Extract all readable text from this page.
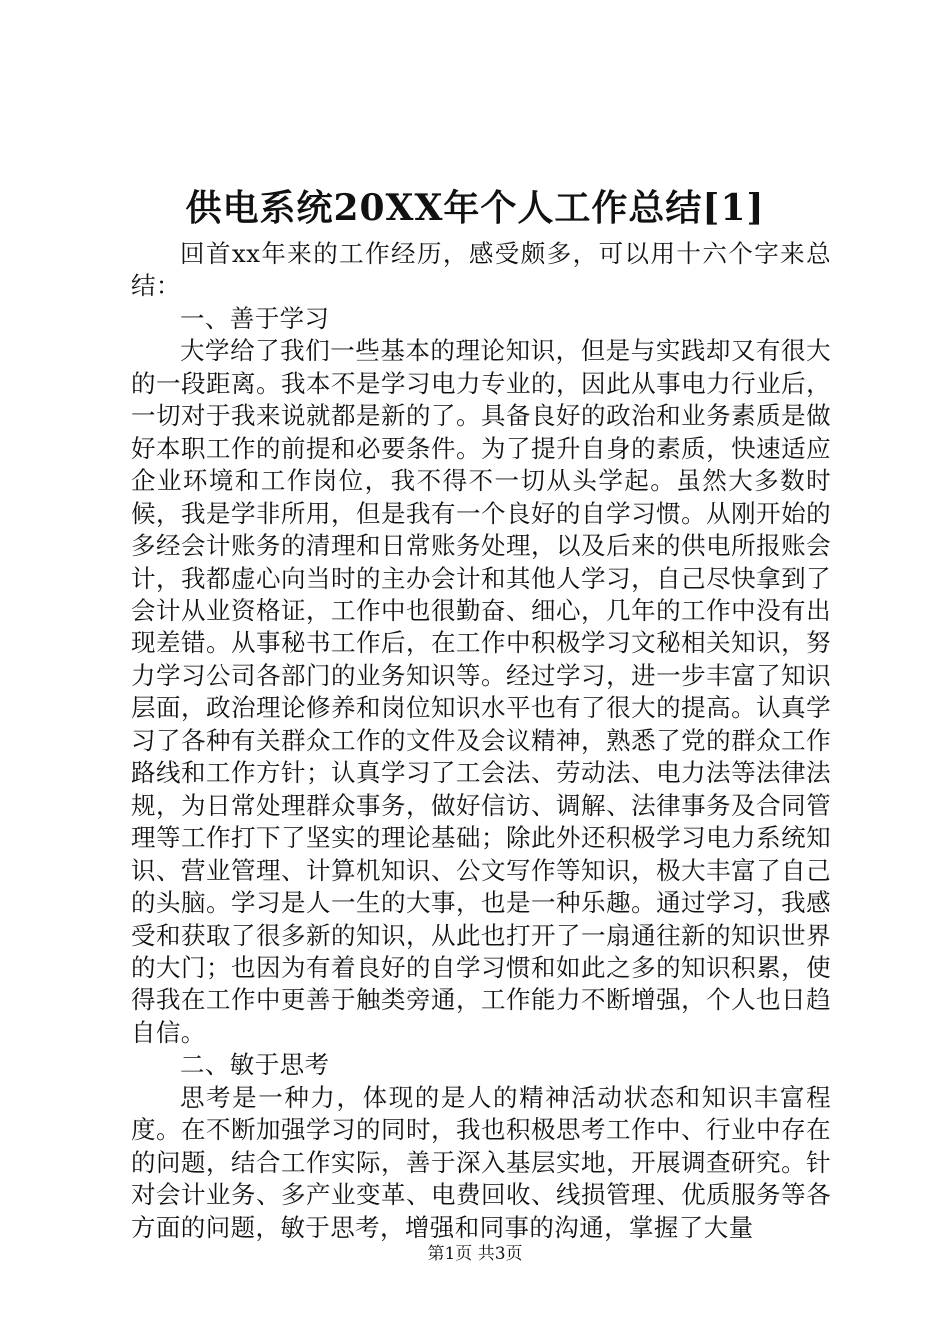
供电系统20XX年个人工作总结[1]

回首xx年来的工作经历，感受颇多，可以用十六个字来总结：

一、善于学习

大学给了我们一些基本的理论知识，但是与实践却又有很大的一段距离。我本不是学习电力专业的，因此从事电力行业后，一切对于我来说就都是新的了。具备良好的政治和业务素质是做好本职工作的前提和必要条件。为了提升自身的素质，快速适应企业环境和工作岗位，我不得不一切从头学起。虽然大多数时候，我是学非所用，但是我有一个良好的自学习惯。从刚开始的多经会计账务的清理和日常账务处理，以及后来的供电所报账会计，我都虚心向当时的主办会计和其他人学习，自己尽快拿到了会计从业资格证，工作中也很勤奋、细心，几年的工作中没有出现差错。从事秘书工作后，在工作中积极学习文秘相关知识，努力学习公司各部门的业务知识等。经过学习，进一步丰富了知识层面，政治理论修养和岗位知识水平也有了很大的提高。认真学习了各种有关群众工作的文件及会议精神，熟悉了党的群众工作路线和工作方针；认真学习了工会法、劳动法、电力法等法律法规，为日常处理群众事务，做好信访、调解、法律事务及合同管理等工作打下了坚实的理论基础；除此外还积极学习电力系统知识、营业管理、计算机知识、公文写作等知识，极大丰富了自己的头脑。学习是人一生的大事，也是一种乐趣。通过学习，我感受和获取了很多新的知识，从此也打开了一扇通往新的知识世界的大门；也因为有着良好的自学习惯和如此之多的知识积累，使得我在工作中更善于触类旁通，工作能力不断增强，个人也日趋自信。

二、敏于思考

思考是一种力，体现的是人的精神活动状态和知识丰富程度。在不断加强学习的同时，我也积极思考工作中、行业中存在的问题，结合工作实际，善于深入基层实地，开展调查研究。针对会计业务、多产业变革、电费回收、线损管理、优质服务等各方面的问题，敏于思考，增强和同事的沟通，掌握了大量

第1页 共3页
